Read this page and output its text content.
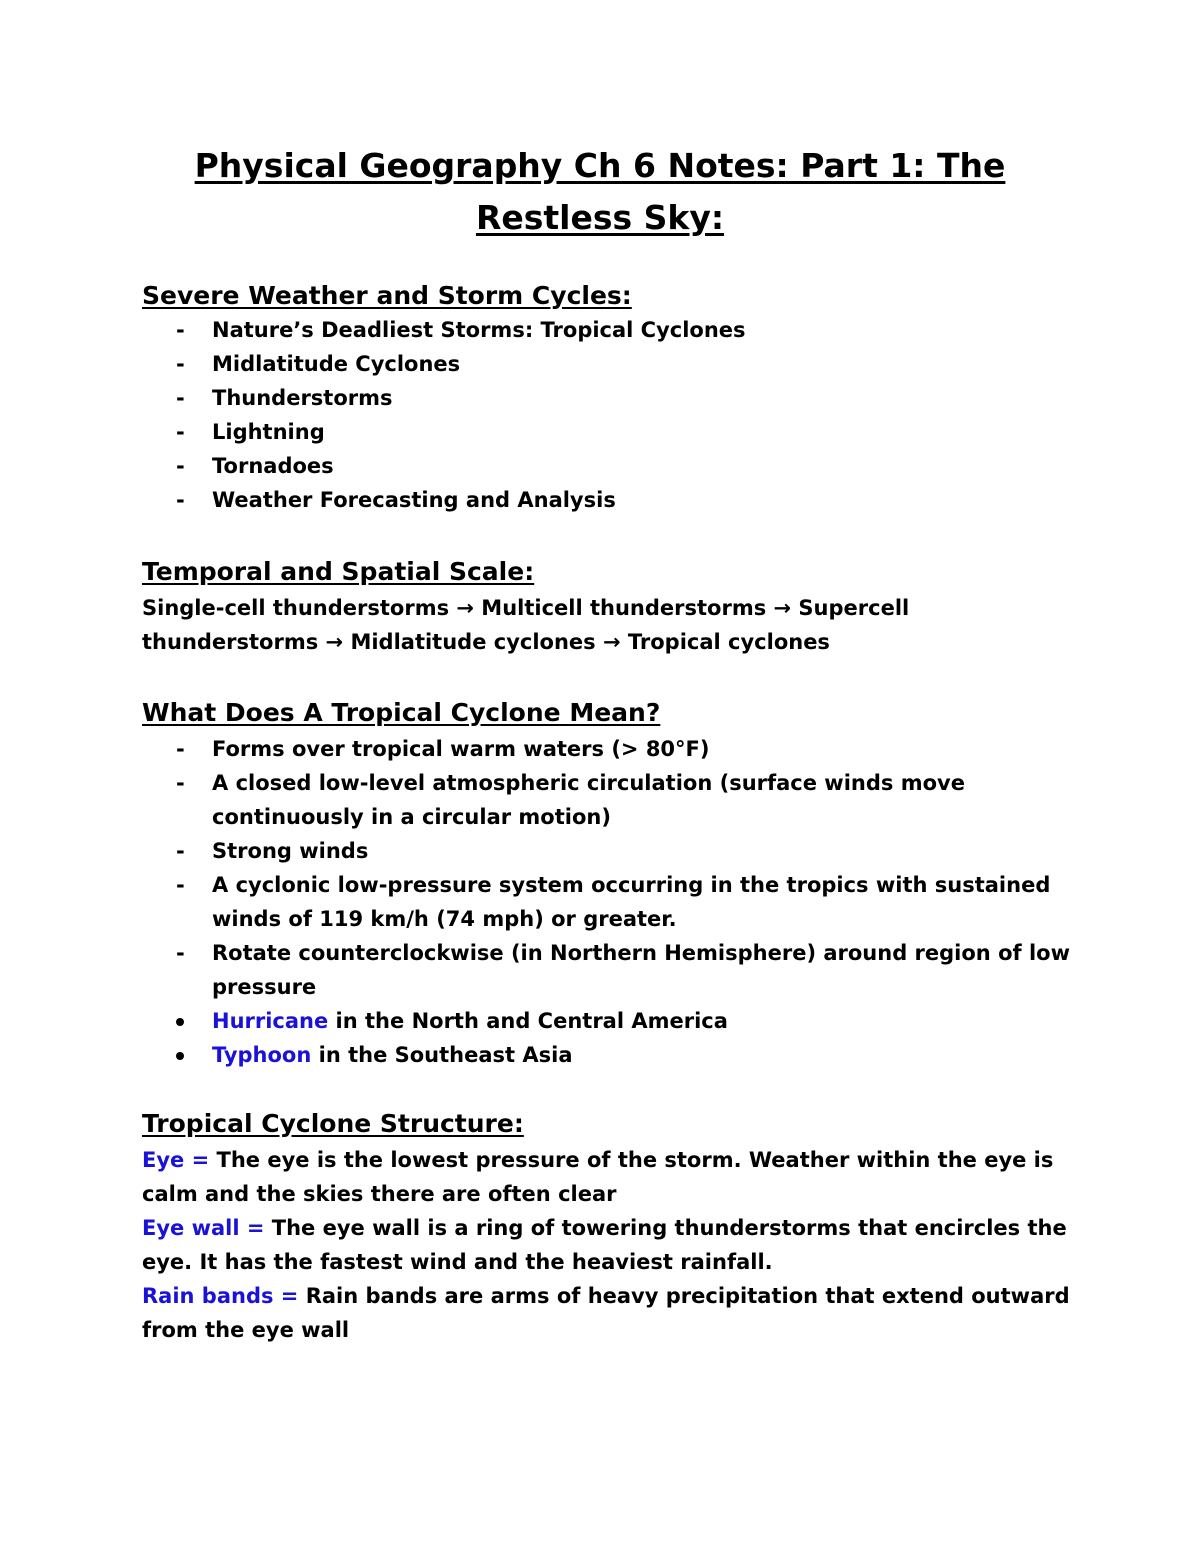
Physical Geography Ch 6 Notes: Part 1: The Restless Sky:
Severe Weather and Storm Cycles:
-	Nature’s Deadliest Storms: Tropical Cyclones
-	Midlatitude Cyclones
-	Thunderstorms
-	Lightning
-	Tornadoes
-	Weather Forecasting and Analysis
Temporal and Spatial Scale:

Single-cell thunderstorms → Multicell thunderstorms → Supercell thunderstorms → Midlatitude cyclones → Tropical cyclones

What Does A Tropical Cyclone Mean?
-	Forms over tropical warm waters (> 80°F)
-	A closed low-level atmospheric circulation (surface winds move continuously in a circular motion)
-	Strong winds
-	A cyclonic low-pressure system occurring in the tropics with sustained winds of 119 km/h (74 mph) or greater.
-	Rotate counterclockwise (in Northern Hemisphere) around region of low pressure
Hurricane in the North and Central America
Typhoon in the Southeast Asia
Tropical Cyclone Structure:

Eye = The eye is the lowest pressure of the storm. Weather within the eye is calm and the skies there are often clear

Eye wall = The eye wall is a ring of towering thunderstorms that encircles the eye. It has the fastest wind and the heaviest rainfall.

Rain bands = Rain bands are arms of heavy precipitation that extend outward from the eye wall
